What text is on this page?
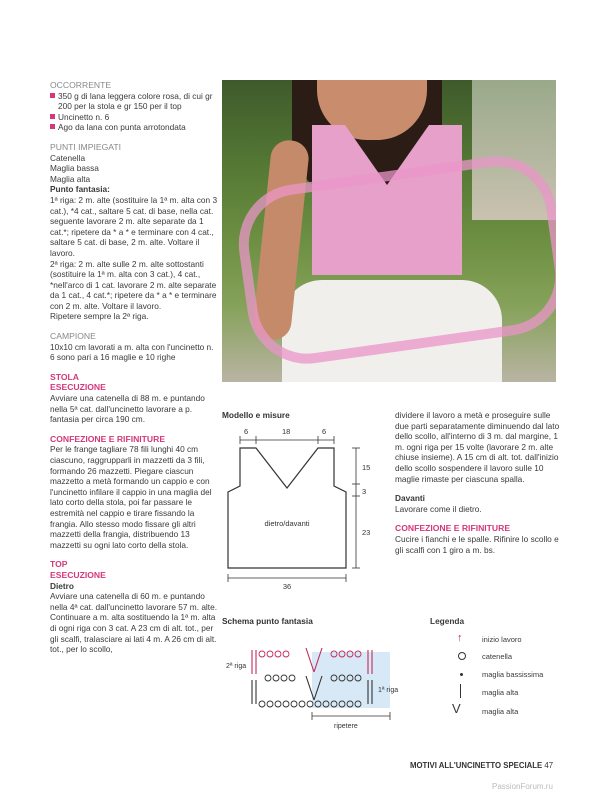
OCCORRENTE

350 g di lana leggera colore rosa, di cui gr 200 per la stola e gr 150 per il top

Uncinetto n. 6

Ago da lana con punta arrotondata

PUNTI IMPIEGATI

Catenella

Maglia bassa

Maglia alta

Punto fantasia:

1ª riga: 2 m. alte (sostituire la 1ª m. alta con 3 cat.), *4 cat., saltare 5 cat. di base, nella cat. seguente lavorare 2 m. alte separate da 1 cat.*; ripetere da * a * e terminare con 4 cat., saltare 5 cat. di base, 2 m. alte. Voltare il lavoro.

2ª riga: 2 m. alte sulle 2 m. alte sottostanti (sostituire la 1ª m. alta con 3 cat.), 4 cat., *nell'arco di 1 cat. lavorare 2 m. alte separate da 1 cat., 4 cat.*; ripetere da * a * e terminare con 2 m. alte. Voltare il lavoro.

Ripetere sempre la 2ª riga.

CAMPIONE

10x10 cm lavorati a m. alta con l'uncinetto n. 6 sono pari a 16 maglie e 10 righe

STOLA

ESECUZIONE

Avviare una catenella di 88 m. e puntando nella 5ª cat. dall'uncinetto lavorare a p. fantasia per circa 190 cm.

CONFEZIONE E RIFINITURE

Per le frange tagliare 78 fili lunghi 40 cm ciascuno, raggrupparli in mazzetti da 3 fili, formando 26 mazzetti. Piegare ciascun mazzetto a metà formando un cappio e con l'uncinetto infilare il cappio in una maglia del lato corto della stola, poi far passare le estremità nel cappio e tirare fissando la frangia. Allo stesso modo fissare gli altri mazzetti della frangia, distribuendo 13 mazzetti su ogni lato corto della stola.

TOP

ESECUZIONE

Dietro

Avviare una catenella di 60 m. e puntando nella 4ª cat. dall'uncinetto lavorare 57 m. alte. Continuare a m. alta sostituendo la 1ª m. alta di ogni riga con 3 cat. A 23 cm di alt. tot., per gli scalfi, tralasciare ai lati 4 m. A 26 cm di alt. tot., per lo scollo,

Modello e misure
6	18	6
dietro/davanti
15
3
23
36

dividere il lavoro a metà e proseguire sulle due parti separatamente diminuendo dal lato dello scollo, all'interno di 3 m. dal margine, 1 m. ogni riga per 15 volte (lavorare 2 m. alte chiuse insieme). A 15 cm di alt. tot. dall'inizio dello scollo sospendere il lavoro sulle 10 maglie rimaste per ciascuna spalla.

Davanti

Lavorare come il dietro.

CONFEZIONE E RIFINITURE

Cucire i fianchi e le spalle. Rifinire lo scollo e gli scalfi con 1 giro a m. bs.

Schema punto fantasia
2ª riga
1ª riga
ripetere
Legenda
↑	inizio lavoro
catenella
maglia bassissima
maglia alta
V	maglia alta
MOTIVI ALL'UNCINETTO SPECIALE 47
PassionForum.ru
